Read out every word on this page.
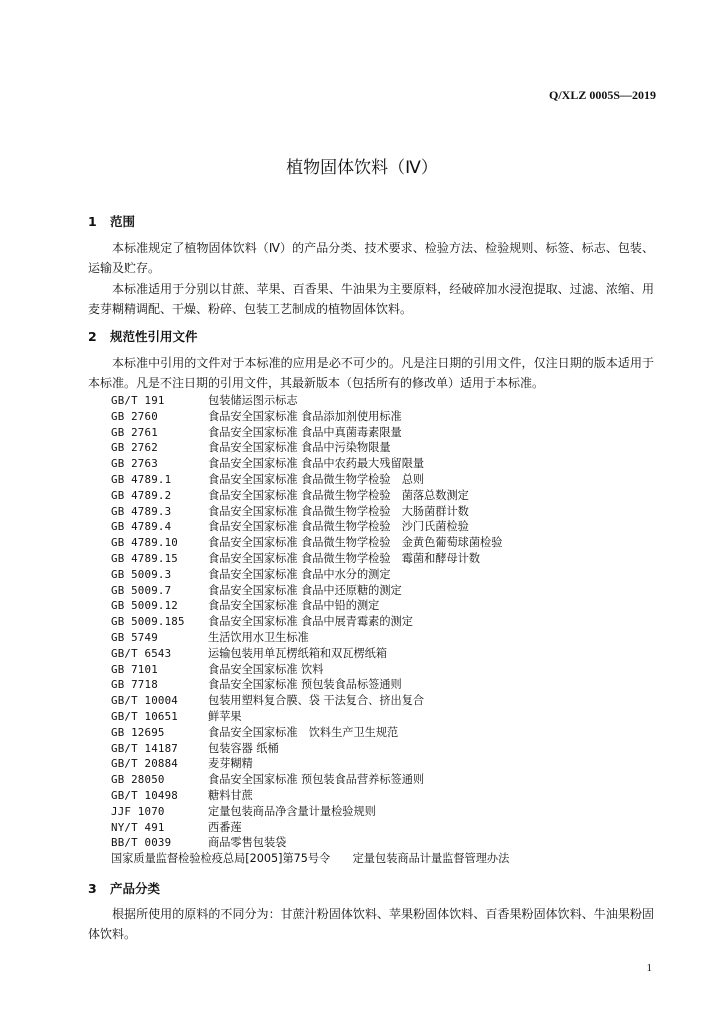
Q/XLZ 0005S—2019
植物固体饮料（Ⅳ）
1 范围
本标准规定了植物固体饮料（Ⅳ）的产品分类、技术要求、检验方法、检验规则、标签、标志、包装、运输及贮存。
本标准适用于分别以甘蔗、苹果、百香果、牛油果为主要原料，经破碎加水浸泡提取、过滤、浓缩、用麦芽糊精调配、干燥、粉碎、包装工艺制成的植物固体饮料。
2 规范性引用文件
本标准中引用的文件对于本标准的应用是必不可少的。凡是注日期的引用文件，仅注日期的版本适用于本标准。凡是不注日期的引用文件，其最新版本（包括所有的修改单）适用于本标准。
GB/T 191	包装储运图示标志
GB 2760	食品安全国家标准 食品添加剂使用标准
GB 2761	食品安全国家标准 食品中真菌毒素限量
GB 2762	食品安全国家标准 食品中污染物限量
GB 2763	食品安全国家标准 食品中农药最大残留限量
GB 4789.1	食品安全国家标准 食品微生物学检验　总则
GB 4789.2	食品安全国家标准 食品微生物学检验　菌落总数测定
GB 4789.3	食品安全国家标准 食品微生物学检验　大肠菌群计数
GB 4789.4	食品安全国家标准 食品微生物学检验　沙门氏菌检验
GB 4789.10	食品安全国家标准 食品微生物学检验　金黄色葡萄球菌检验
GB 4789.15	食品安全国家标准 食品微生物学检验　霉菌和酵母计数
GB 5009.3	食品安全国家标准 食品中水分的测定
GB 5009.7	食品安全国家标准 食品中还原糖的测定
GB 5009.12	食品安全国家标准 食品中铅的测定
GB 5009.185 食品安全国家标准 食品中展青霉素的测定
GB 5749	生活饮用水卫生标准
GB/T 6543	运输包装用单瓦楞纸箱和双瓦楞纸箱
GB 7101	食品安全国家标准 饮料
GB 7718	食品安全国家标准 预包装食品标签通则
GB/T 10004	包装用塑料复合膜、袋 干法复合、挤出复合
GB/T 10651	鲜苹果
GB 12695	食品安全国家标准　饮料生产卫生规范
GB/T 14187	包装容器 纸桶
GB/T 20884	麦芽糊精
GB 28050	食品安全国家标准 预包装食品营养标签通则
GB/T 10498	糖料甘蔗
JJF 1070	定量包装商品净含量计量检验规则
NY/T 491	西番莲
BB/T 0039	商品零售包装袋
国家质量监督检验检疫总局[2005]第75号令　　定量包装商品计量监督管理办法
3 产品分类
根据所使用的原料的不同分为：甘蔗汁粉固体饮料、苹果粉固体饮料、百香果粉固体饮料、牛油果粉固体饮料。
1
